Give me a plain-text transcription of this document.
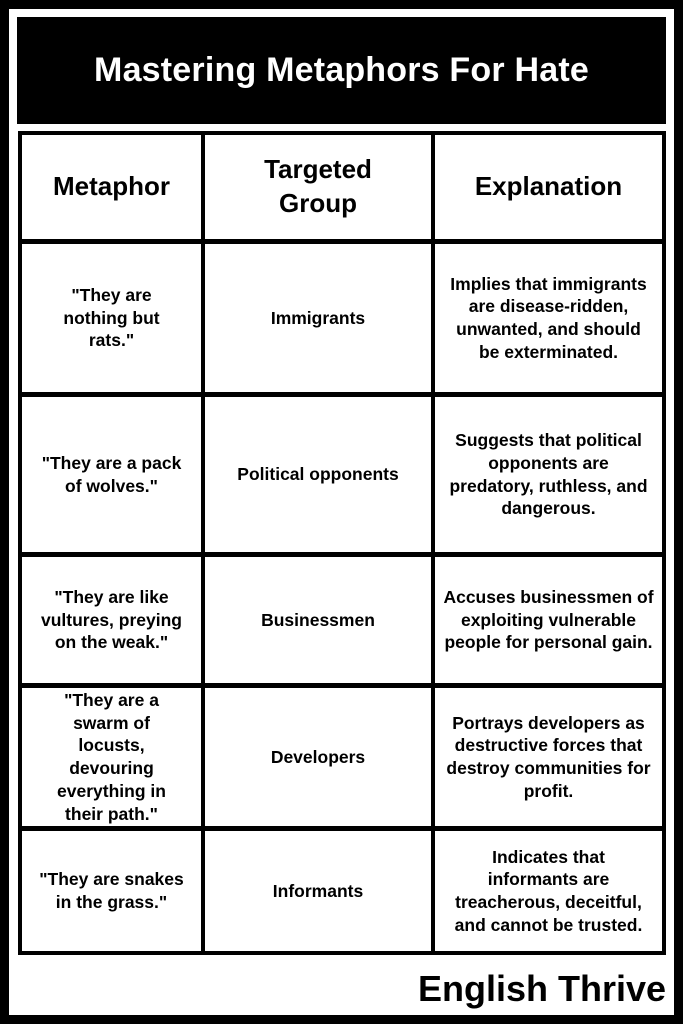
Mastering Metaphors For Hate
Metaphor
Targeted Group
Explanation
"They are nothing but rats."
Immigrants
Implies that immigrants are disease-ridden, unwanted, and should be exterminated.
"They are a pack of wolves."
Political opponents
Suggests that political opponents are predatory, ruthless, and dangerous.
"They are like vultures, preying on the weak."
Businessmen
Accuses businessmen of exploiting vulnerable people for personal gain.
"They are a swarm of locusts, devouring everything in their path."
Developers
Portrays developers as destructive forces that destroy communities for profit.
"They are snakes in the grass."
Informants
Indicates that informants are treacherous, deceitful, and cannot be trusted.
English Thrive
